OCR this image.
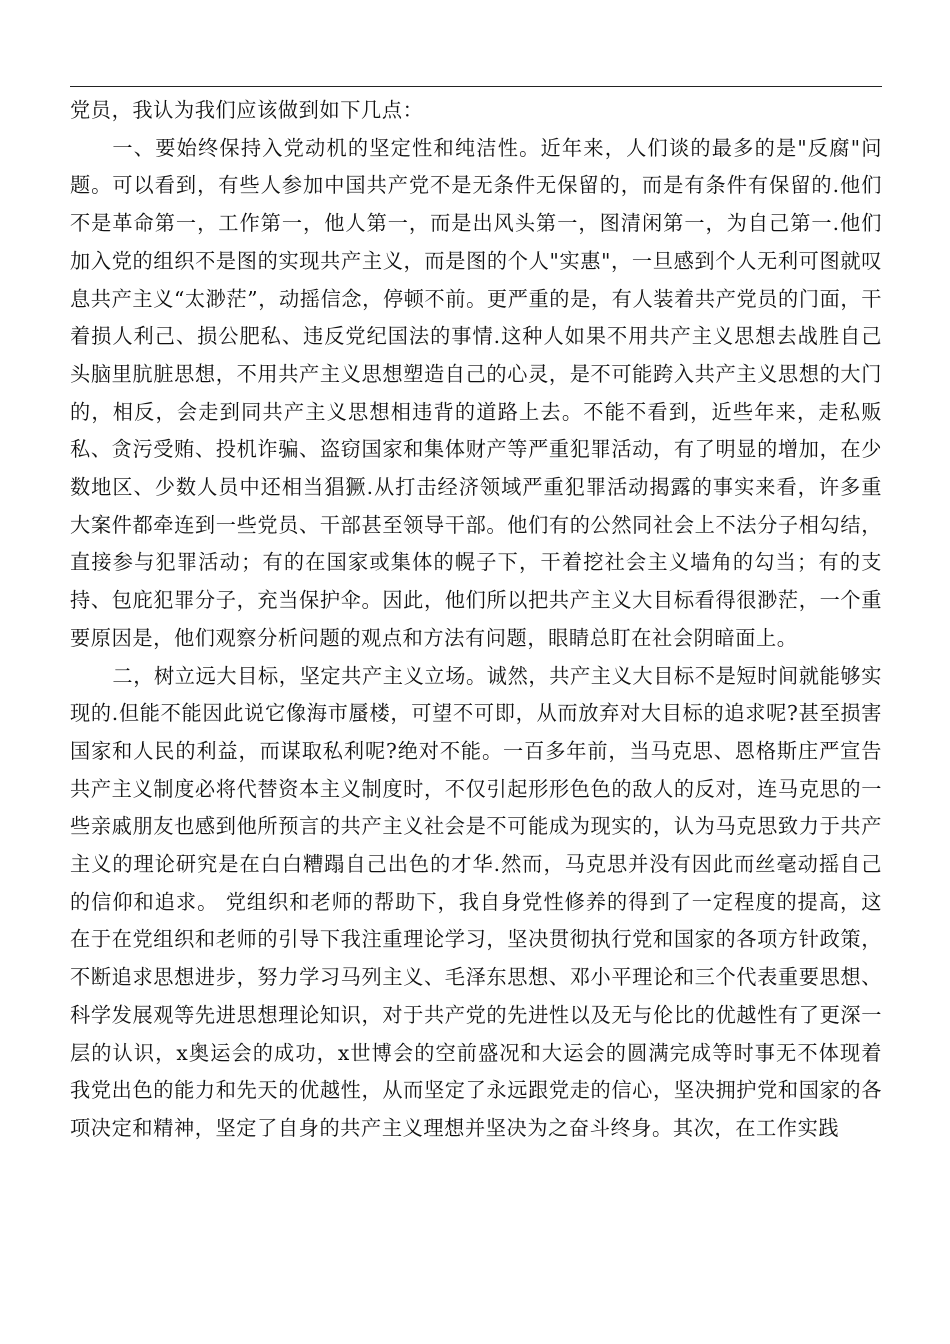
党员，我认为我们应该做到如下几点：

一、要始终保持入党动机的坚定性和纯洁性。近年来，人们谈的最多的是"反腐"问题。可以看到，有些人参加中国共产党不是无条件无保留的，而是有条件有保留的.他们不是革命第一，工作第一，他人第一，而是出风头第一，图清闲第一，为自己第一.他们加入党的组织不是图的实现共产主义，而是图的个人"实惠"，一旦感到个人无利可图就叹息共产主义“太渺茫”，动摇信念，停顿不前。更严重的是，有人装着共产党员的门面，干着损人利己、损公肥私、违反党纪国法的事情.这种人如果不用共产主义思想去战胜自己头脑里肮脏思想，不用共产主义思想塑造自己的心灵，是不可能跨入共产主义思想的大门的，相反，会走到同共产主义思想相违背的道路上去。不能不看到，近些年来，走私贩私、贪污受贿、投机诈骗、盗窃国家和集体财产等严重犯罪活动，有了明显的增加，在少数地区、少数人员中还相当猖獗.从打击经济领域严重犯罪活动揭露的事实来看，许多重大案件都牵连到一些党员、干部甚至领导干部。他们有的公然同社会上不法分子相勾结，直接参与犯罪活动；有的在国家或集体的幌子下，干着挖社会主义墙角的勾当；有的支持、包庇犯罪分子，充当保护伞。因此，他们所以把共产主义大目标看得很渺茫，一个重要原因是，他们观察分析问题的观点和方法有问题，眼睛总盯在社会阴暗面上。

二，树立远大目标，坚定共产主义立场。诚然，共产主义大目标不是短时间就能够实现的.但能不能因此说它像海市蜃楼，可望不可即，从而放弃对大目标的追求呢?甚至损害国家和人民的利益，而谋取私利呢?绝对不能。一百多年前，当马克思、恩格斯庄严宣告共产主义制度必将代替资本主义制度时，不仅引起形形色色的敌人的反对，连马克思的一些亲戚朋友也感到他所预言的共产主义社会是不可能成为现实的，认为马克思致力于共产主义的理论研究是在白白糟蹋自己出色的才华.然而，马克思并没有因此而丝毫动摇自己的信仰和追求。 党组织和老师的帮助下，我自身党性修养的得到了一定程度的提高，这在于在党组织和老师的引导下我注重理论学习，坚决贯彻执行党和国家的各项方针政策，不断追求思想进步，努力学习马列主义、毛泽东思想、邓小平理论和三个代表重要思想、科学发展观等先进思想理论知识，对于共产党的先进性以及无与伦比的优越性有了更深一层的认识，x奥运会的成功，x世博会的空前盛况和大运会的圆满完成等时事无不体现着我党出色的能力和先天的优越性，从而坚定了永远跟党走的信心，坚决拥护党和国家的各项决定和精神，坚定了自身的共产主义理想并坚决为之奋斗终身。其次，在工作实践
